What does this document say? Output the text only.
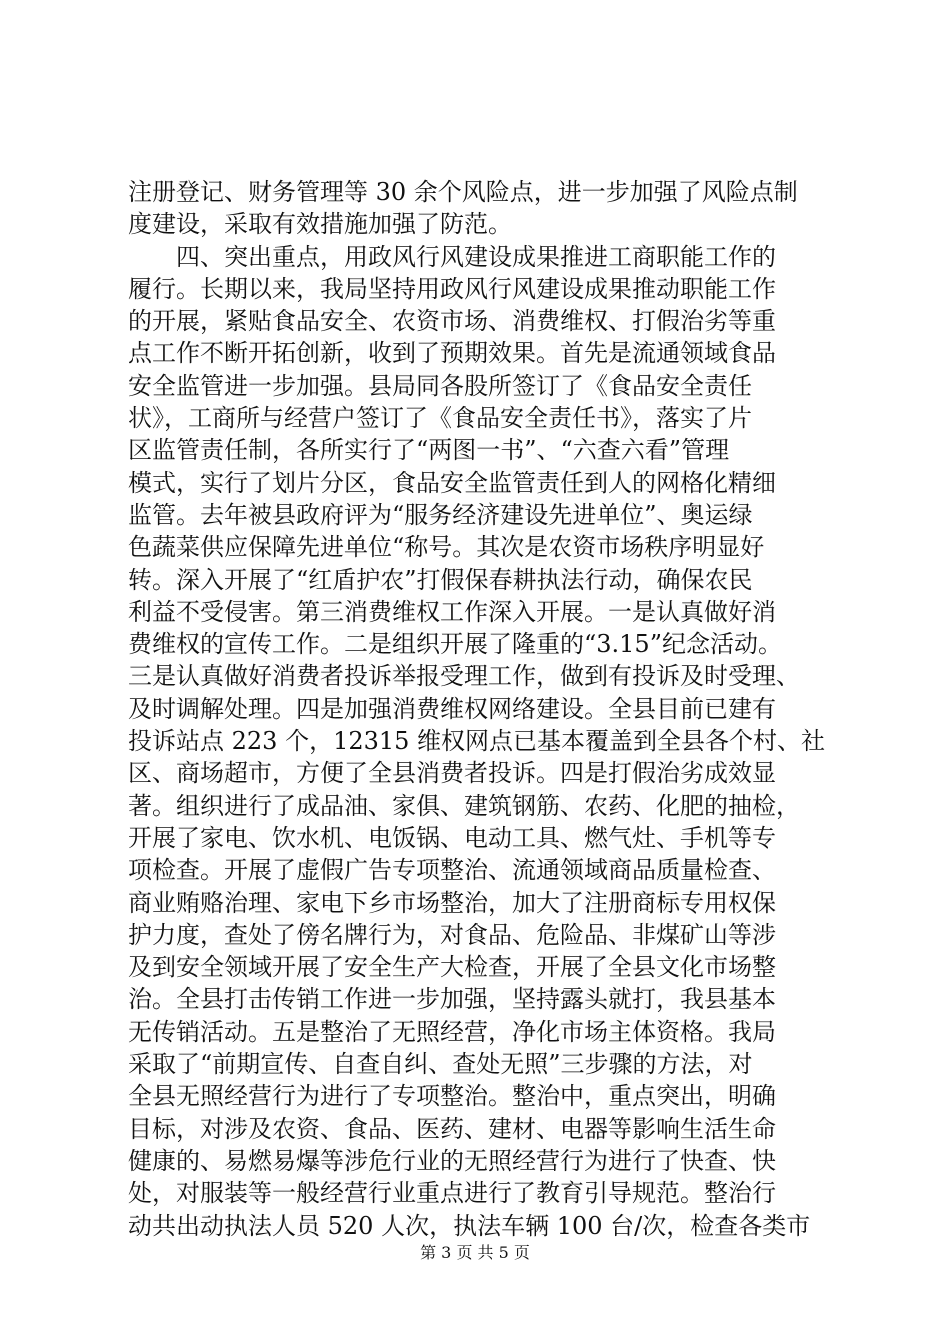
注册登记、财务管理等 30 余个风险点，进一步加强了风险点制
度建设，采取有效措施加强了防范。
　　四、突出重点，用政风行风建设成果推进工商职能工作的
履行。长期以来，我局坚持用政风行风建设成果推动职能工作
的开展，紧贴食品安全、农资市场、消费维权、打假治劣等重
点工作不断开拓创新，收到了预期效果。首先是流通领域食品
安全监管进一步加强。县局同各股所签订了《食品安全责任
状》，工商所与经营户签订了《食品安全责任书》，落实了片
区监管责任制，各所实行了“两图一书”、“六查六看”管理
模式，实行了划片分区，食品安全监管责任到人的网格化精细
监管。去年被县政府评为“服务经济建设先进单位”、奥运绿
色蔬菜供应保障先进单位“称号。其次是农资市场秩序明显好
转。深入开展了“红盾护农”打假保春耕执法行动，确保农民
利益不受侵害。第三消费维权工作深入开展。一是认真做好消
费维权的宣传工作。二是组织开展了隆重的“3.15”纪念活动。
三是认真做好消费者投诉举报受理工作，做到有投诉及时受理、
及时调解处理。四是加强消费维权网络建设。全县目前已建有
投诉站点 223 个，12315 维权网点已基本覆盖到全县各个村、社
区、商场超市，方便了全县消费者投诉。四是打假治劣成效显
著。组织进行了成品油、家俱、建筑钢筋、农药、化肥的抽检，
开展了家电、饮水机、电饭锅、电动工具、燃气灶、手机等专
项检查。开展了虚假广告专项整治、流通领域商品质量检查、
商业贿赂治理、家电下乡市场整治，加大了注册商标专用权保
护力度，查处了傍名牌行为，对食品、危险品、非煤矿山等涉
及到安全领域开展了安全生产大检查，开展了全县文化市场整
治。全县打击传销工作进一步加强，坚持露头就打，我县基本
无传销活动。五是整治了无照经营，净化市场主体资格。我局
采取了“前期宣传、自查自纠、查处无照”三步骤的方法，对
全县无照经营行为进行了专项整治。整治中，重点突出，明确
目标，对涉及农资、食品、医药、建材、电器等影响生活生命
健康的、易燃易爆等涉危行业的无照经营行为进行了快查、快
处，对服装等一般经营行业重点进行了教育引导规范。整治行
动共出动执法人员 520 人次，执法车辆 100 台/次，检查各类市
第 3 页 共 5 页
